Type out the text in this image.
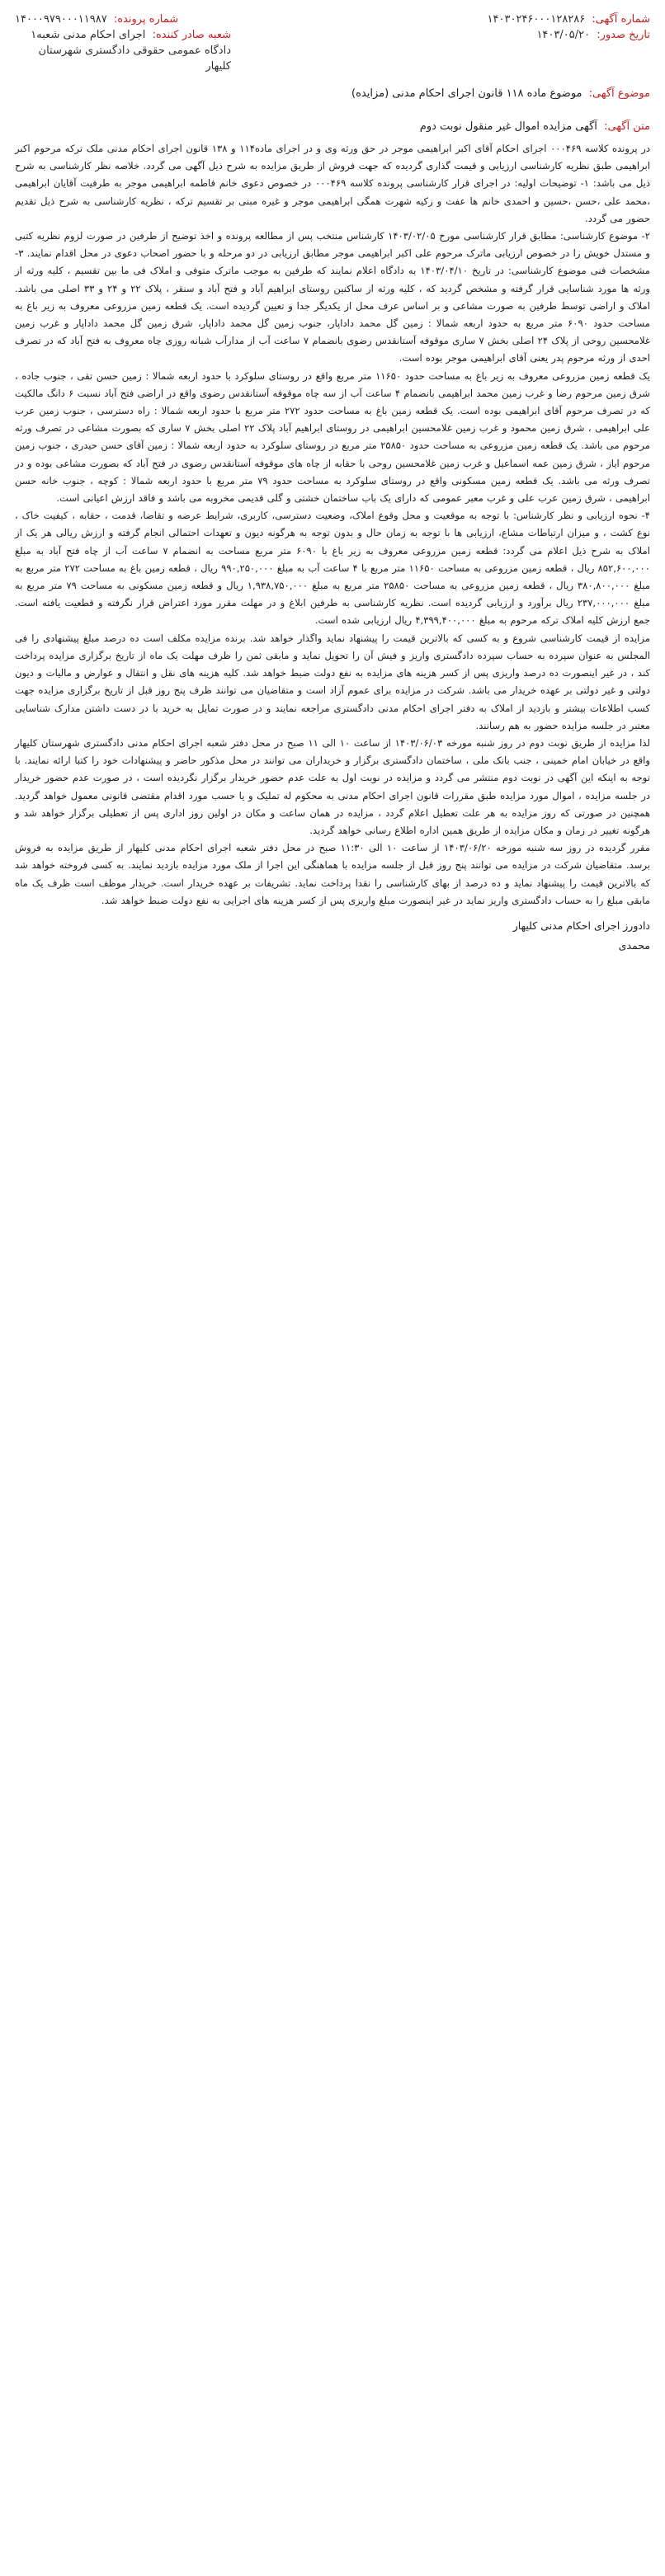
شماره آگهی: ۱۴۰۳۰۲۴۶۰۰۰۱۲۸۲۸۶
شماره پرونده: ۱۴۰۰۰۹۷۹۰۰۰۱۱۹۸۷
تاریخ صدور: ۱۴۰۳/۰۵/۲۰
شعبه صادر کننده: اجرای احکام مدنی شعبه۱ دادگاه عمومی حقوقی دادگستری شهرستان کلیهار
موضوع آگهی: موضوع ماده ۱۱۸ قانون اجرای احکام مدنی (مزایده)
متن آگهی: آگهی مزایده اموال غیر منقول نوبت دوم

در پرونده کلاسه ۰۰۰۴۶۹ اجرای احکام آقای اکبر ابراهیمی موجر در حق ورثه وی و در اجرای ماده۱۱۴ و ۱۳۸ قانون اجرای احکام مدنی ملک ترکه مرحوم اکبر ابراهیمی طبق نظریه کارشناسی ارزیابی و قیمت گذاری گردیده که جهت فروش از طریق مزایده به شرح ذیل آگهی می گردد. خلاصه نظر کارشناسی به شرح ذیل می باشد: ۱- توضیحات اولیه: در اجرای قرار کارشناسی پرونده کلاسه ۰۰۰۴۶۹ در خصوص دعوی خانم فاطمه ابراهیمی موجر به طرفیت آقایان ابراهیمی ،محمد علی ،حسن ،حسین و احمدی خانم ها عفت و زکیه شهرت همگی ابراهیمی موجر و غیره مبنی بر تقسیم ترکه ، نظریه کارشناسی به شرح ذیل تقدیم حضور می گردد.

۲- موضوع کارشناسی: مطابق قرار کارشناسی مورخ ۱۴۰۳/۰۲/۰۵ کارشناس منتخب پس از مطالعه پرونده و اخذ توضیح از طرفین در صورت لزوم نظریه کتبی و مستدل خویش را در خصوص ارزیابی ماترک مرحوم علی اکبر ابراهیمی موجر مطابق ارزیابی در دو مرحله و با حضور اصحاب دعوی در محل اقدام نمایند. ۳- مشخصات فنی موضوع کارشناسی: در تاریخ ۱۴۰۳/۰۴/۱۰ به دادگاه اعلام نمایند که طرفین به موجب ماترک متوفی و املاک فی ما بین تقسیم ، کلیه ورثه از ورثه ها مورد شناسایی قرار گرفته و مشخص گردید که ، کلیه ورثه از ساکنین روستای ابراهیم آباد و فتح آباد و سنقر ، پلاک ۲۲ و ۲۴ و ۳۳ اصلی می باشد. املاک و اراضی توسط طرفین به صورت مشاعی و بر اساس عرف محل از یکدیگر جدا و تعیین گردیده است. یک قطعه زمین مزروعی معروف به زیر باغ به مساحت حدود ۶۰۹۰ متر مربع به حدود اربعه شمالا : زمین گل محمد داداپار، جنوب زمین گل محمد داداپار، شرق زمین گل محمد داداپار و غرب زمین غلامحسین روحی از پلاک ۲۴ اصلی بخش ۷ ساری موقوفه آستانقدس رضوی بانضمام ۷ ساعت آب از مدارآب شبانه روزی چاه معروف به فتح آباد که در تصرف احدی از ورثه مرحوم پدر یعنی آقای ابراهیمی موجر بوده است.

یک قطعه زمین مزروعی معروف به زیر باغ به مساحت حدود ۱۱۶۵۰ متر مربع واقع در روستای سلوکرد با حدود اربعه شمالا : زمین حسن تقی ، جنوب جاده ، شرق زمین مرحوم رضا و غرب زمین محمد ابراهیمی بانضمام ۴ ساعت آب از سه چاه موقوفه آستانقدس رضوی واقع در اراضی فتح آباد نسبت ۶ دانگ مالکیت که در تصرف مرحوم آقای ابراهیمی بوده است. یک قطعه زمین باغ به مساحت حدود ۲۷۲ متر مربع با حدود اربعه شمالا : راه دسترسی ، جنوب زمین عرب علی ابراهیمی ، شرق زمین محمود و غرب زمین غلامحسین ابراهیمی در روستای ابراهیم آباد پلاک ۲۲ اصلی بخش ۷ ساری که بصورت مشاعی در تصرف ورثه مرحوم می باشد. یک قطعه زمین مزروعی به مساحت حدود ۲۵۸۵۰ متر مربع در روستای سلوکرد به حدود اربعه شمالا : زمین آقای حسن حیدری ، جنوب زمین مرحوم ایاز ، شرق زمین عمه اسماعیل و غرب زمین غلامحسین روحی با حقابه از چاه های موقوفه آستانقدس رضوی در فتح آباد که بصورت مشاعی بوده و در تصرف ورثه می باشد. یک قطعه زمین مسکونی واقع در روستای سلوکرد به مساحت حدود ۷۹ متر مربع با حدود اربعه شمالا : کوچه ، جنوب خانه حسن ابراهیمی ، شرق زمین عرب علی و غرب معبر عمومی که دارای یک باب ساختمان خشتی و گلی قدیمی مخروبه می باشد و فاقد ارزش اعیانی است.

۴- نحوه ارزیابی و نظر کارشناس: با توجه به موقعیت و محل وقوع املاک، وضعیت دسترسی، کاربری، شرایط عرضه و تقاضا، قدمت ، حقابه ، کیفیت خاک ، نوع کشت ، و میزان ارتباطات مشاع، ارزیابی ها با توجه به زمان حال و بدون توجه به هرگونه دیون و تعهدات احتمالی انجام گرفته و ارزش ریالی هر یک از املاک به شرح ذیل اعلام می گردد: قطعه زمین مزروعی معروف به زیر باغ با ۶۰۹۰ متر مربع مساحت به انضمام ۷ ساعت آب از چاه فتح آباد به مبلغ ۸۵۲,۶۰۰,۰۰۰ ریال ، قطعه زمین مزروعی به مساحت ۱۱۶۵۰ متر مربع با ۴ ساعت آب به مبلغ ۹۹۰,۲۵۰,۰۰۰ ریال ، قطعه زمین باغ به مساحت ۲۷۲ متر مربع به مبلغ ۳۸۰,۸۰۰,۰۰۰ ریال ، قطعه زمین مزروعی به مساحت ۲۵۸۵۰ متر مربع به مبلغ ۱,۹۳۸,۷۵۰,۰۰۰ ریال و قطعه زمین مسکونی به مساحت ۷۹ متر مربع به مبلغ ۲۳۷,۰۰۰,۰۰۰ ریال برآورد و ارزیابی گردیده است. نظریه کارشناسی به طرفین ابلاغ و در مهلت مقرر مورد اعتراض قرار نگرفته و قطعیت یافته است. جمع ارزش کلیه املاک ترکه مرحوم به مبلغ ۴,۳۹۹,۴۰۰,۰۰۰ ریال ارزیابی شده است.

مزایده از قیمت کارشناسی شروع و به کسی که بالاترین قیمت را پیشنهاد نماید واگذار خواهد شد. برنده مزایده مکلف است ده درصد مبلغ پیشنهادی را فی المجلس به عنوان سپرده به حساب سپرده دادگستری واریز و فیش آن را تحویل نماید و مابقی ثمن را ظرف مهلت یک ماه از تاریخ برگزاری مزایده پرداخت کند ، در غیر اینصورت ده درصد واریزی پس از کسر هزینه های مزایده به نفع دولت ضبط خواهد شد. کلیه هزینه های نقل و انتقال و عوارض و مالیات و دیون دولتی و غیر دولتی بر عهده خریدار می باشد. شرکت در مزایده برای عموم آزاد است و متقاضیان می توانند ظرف پنج روز قبل از تاریخ برگزاری مزایده جهت کسب اطلاعات بیشتر و بازدید از املاک به دفتر اجرای احکام مدنی دادگستری مراجعه نمایند و در صورت تمایل به خرید با در دست داشتن مدارک شناسایی معتبر در جلسه مزایده حضور به هم رسانند.

لذا مزایده از طریق نوبت دوم در روز شنبه مورخه ۱۴۰۳/۰۶/۰۳ از ساعت ۱۰ الی ۱۱ صبح در محل دفتر شعبه اجرای احکام مدنی دادگستری شهرستان کلیهار واقع در خیابان امام خمینی ، جنب بانک ملی ، ساختمان دادگستری برگزار و خریداران می توانند در محل مذکور حاضر و پیشنهادات خود را کتبا ارائه نمایند. با توجه به اینکه این آگهی در نوبت دوم منتشر می گردد و مزایده در نوبت اول به علت عدم حضور خریدار برگزار نگردیده است ، در صورت عدم حضور خریدار در جلسه مزایده ، اموال مورد مزایده طبق مقررات قانون اجرای احکام مدنی به محکوم له تملیک و یا حسب مورد اقدام مقتضی قانونی معمول خواهد گردید. همچنین در صورتی که روز مزایده به هر علت تعطیل اعلام گردد ، مزایده در همان ساعت و مکان در اولین روز اداری پس از تعطیلی برگزار خواهد شد و هرگونه تغییر در زمان و مکان مزایده از طریق همین اداره اطلاع رسانی خواهد گردید.

مقرر گردیده در روز سه شنبه مورخه ۱۴۰۳/۰۶/۲۰ از ساعت ۱۰ الی ۱۱:۳۰ صبح در محل دفتر شعبه اجرای احکام مدنی کلیهار از طریق مزایده به فروش برسد. متقاضیان شرکت در مزایده می توانند پنج روز قبل از جلسه مزایده با هماهنگی این اجرا از ملک مورد مزایده بازدید نمایند. به کسی فروخته خواهد شد که بالاترین قیمت را پیشنهاد نماید و ده درصد از بهای کارشناسی را نقدا پرداخت نماید. تشریفات بر عهده خریدار است. خریدار موظف است ظرف یک ماه مابقی مبلغ را به حساب دادگستری واریز نماید در غیر اینصورت مبلغ واریزی پس از کسر هزینه های اجرایی به نفع دولت ضبط خواهد شد.

دادورز اجرای احکام مدنی کلیهار
محمدی
